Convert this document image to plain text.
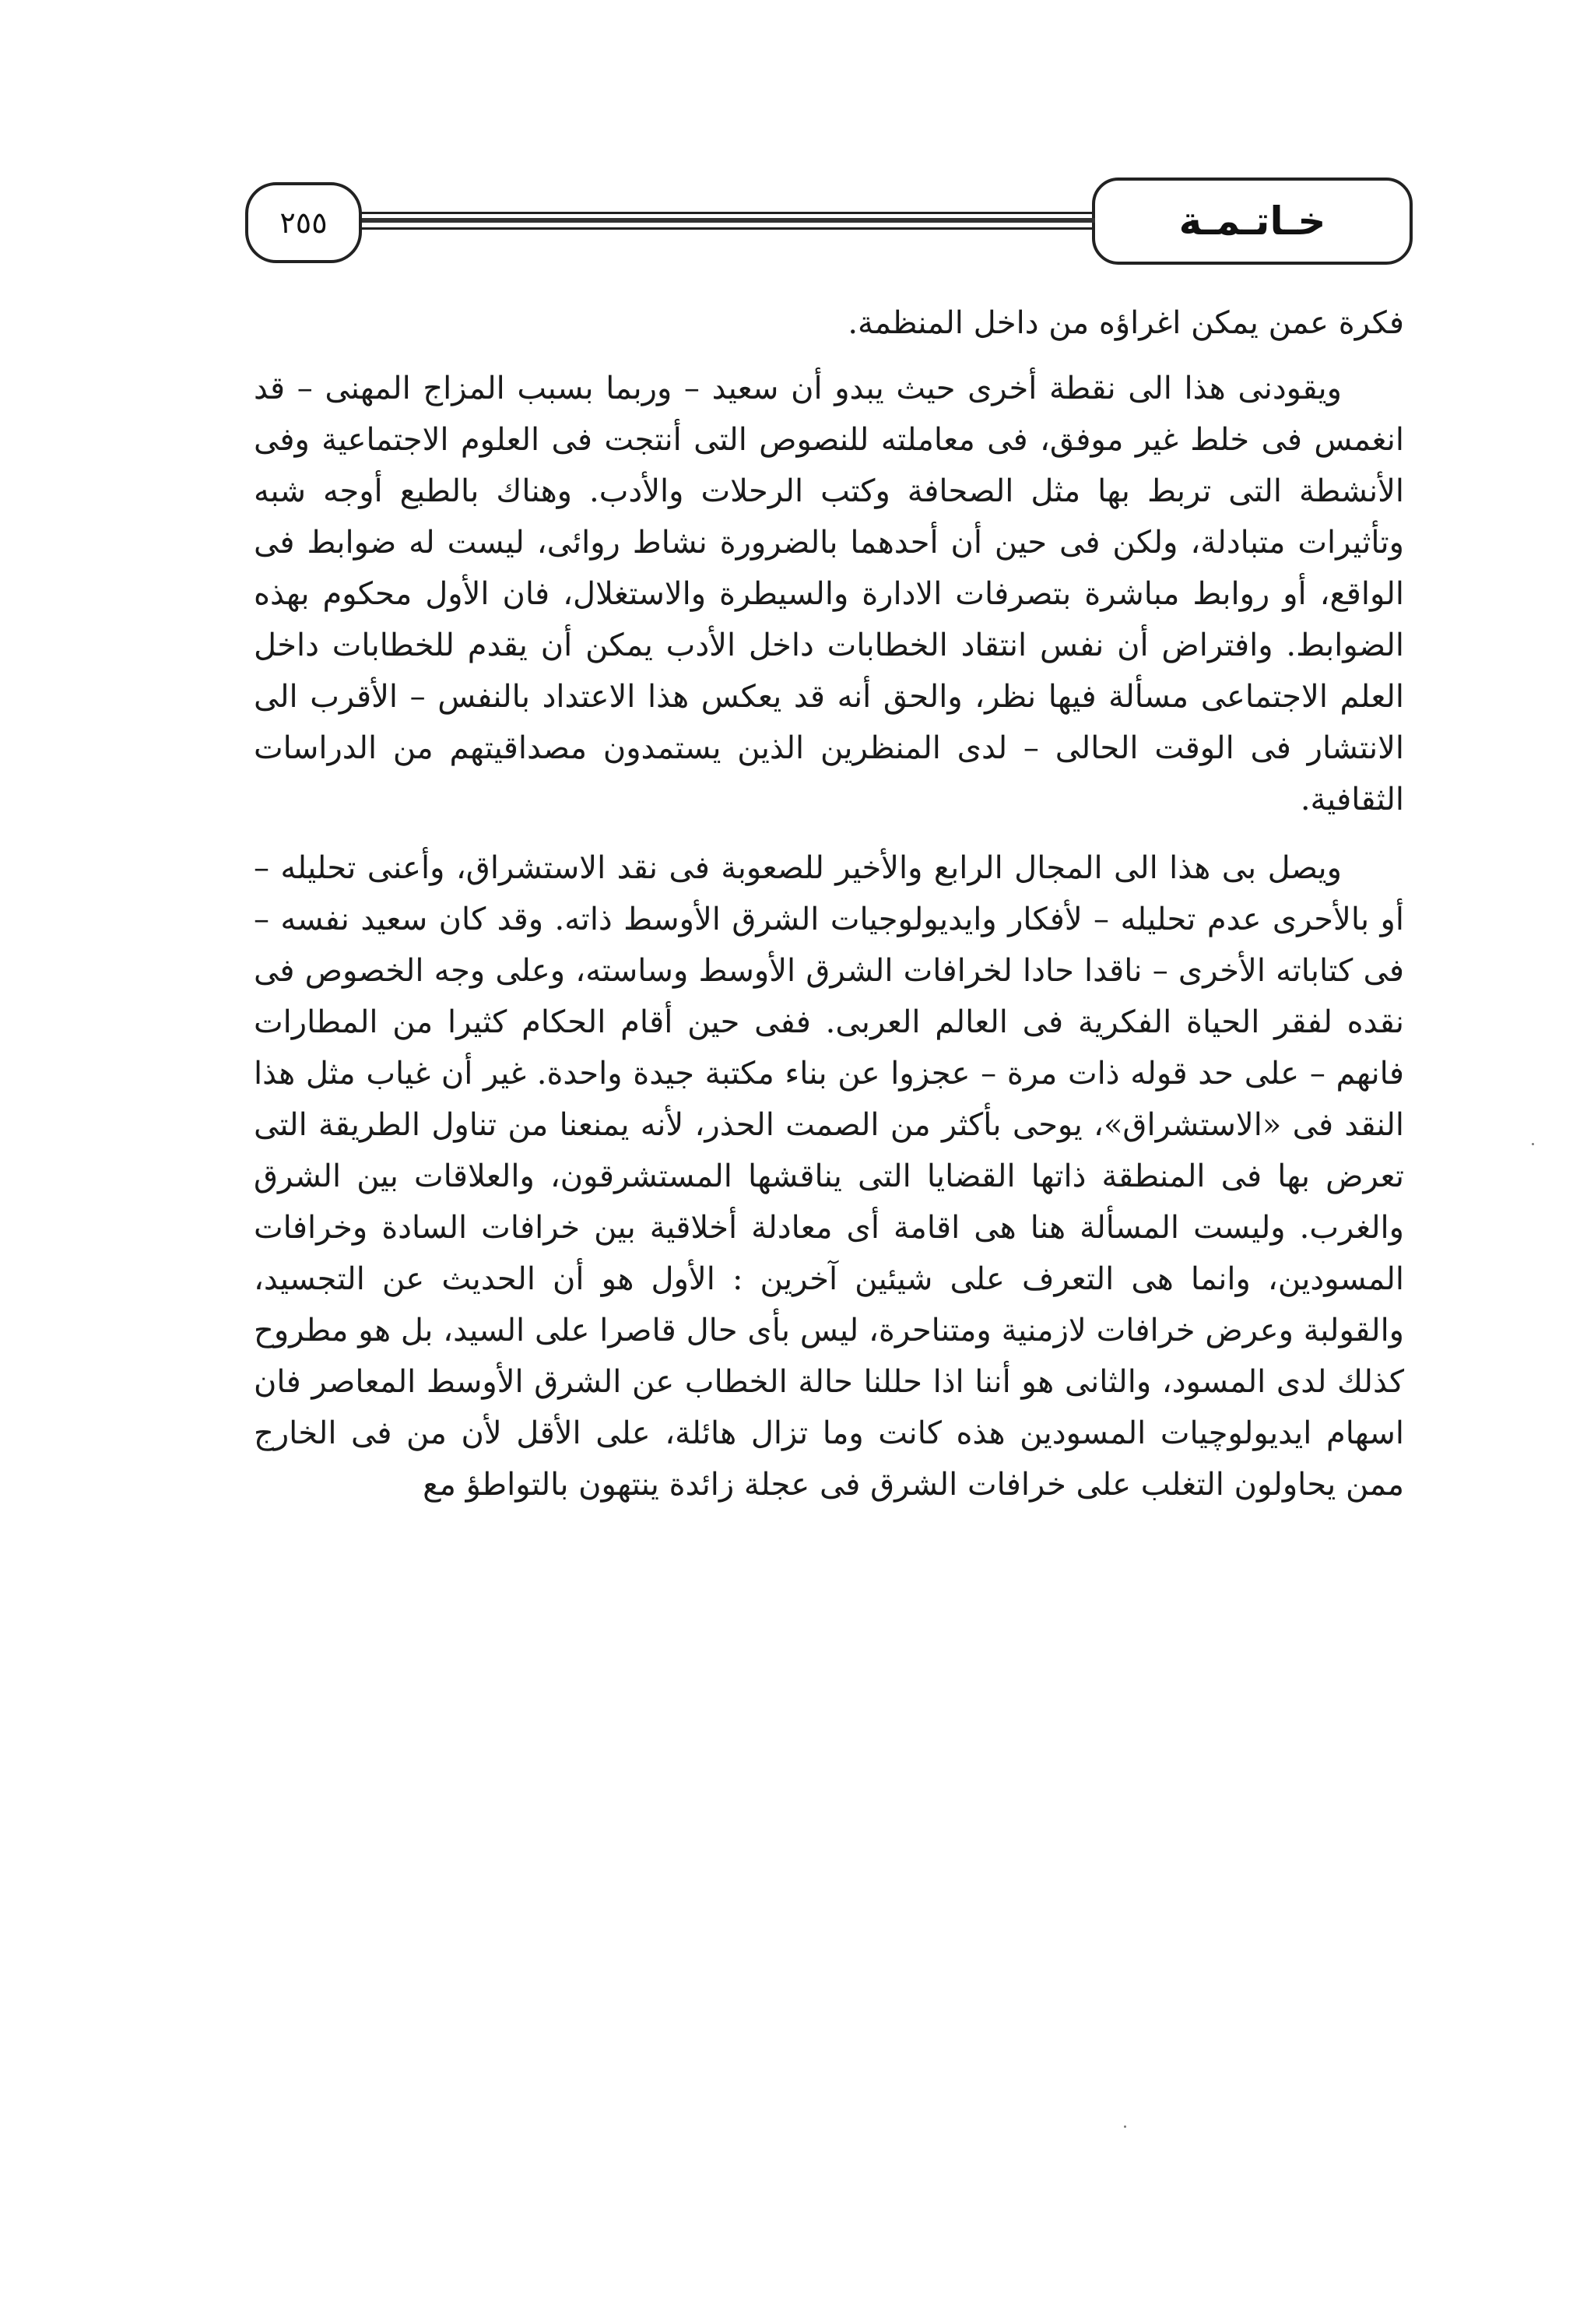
خـاتـمـة
٢٥٥

فكرة عمن يمكن اغراؤه من داخل المنظمة.

ويقودنى هذا الى نقطة أخرى حيث يبدو أن سعيد – وربما بسبب المزاج المهنى – قد انغمس فى خلط غير موفق، فى معاملته للنصوص التى أنتجت فى العلوم الاجتماعية وفى الأنشطة التى تربط بها مثل الصحافة وكتب الرحلات والأدب. وهناك بالطبع أوجه شبه وتأثيرات متبادلة، ولكن فى حين أن أحدهما بالضرورة نشاط روائى، ليست له ضوابط فى الواقع، أو روابط مباشرة بتصرفات الادارة والسيطرة والاستغلال، فان الأول محكوم بهذه الضوابط. وافتراض أن نفس انتقاد الخطابات داخل الأدب يمكن أن يقدم للخطابات داخل العلم الاجتماعى مسألة فيها نظر، والحق أنه قد يعكس هذا الاعتداد بالنفس – الأقرب الى الانتشار فى الوقت الحالى – لدى المنظرين الذين يستمدون مصداقيتهم من الدراسات الثقافية.

ويصل بى هذا الى المجال الرابع والأخير للصعوبة فى نقد الاستشراق، وأعنى تحليله – أو بالأحرى عدم تحليله – لأفكار وايديولوجيات الشرق الأوسط ذاته. وقد كان سعيد نفسه – فى كتاباته الأخرى – ناقدا حادا لخرافات الشرق الأوسط وساسته، وعلى وجه الخصوص فى نقده لفقر الحياة الفكرية فى العالم العربى. ففى حين أقام الحكام كثيرا من المطارات فانهم – على حد قوله ذات مرة – عجزوا عن بناء مكتبة جيدة واحدة. غير أن غياب مثل هذا النقد فى «الاستشراق»، يوحى بأكثر من الصمت الحذر، لأنه يمنعنا من تناول الطريقة التى تعرض بها فى المنطقة ذاتها القضايا التى يناقشها المستشرقون، والعلاقات بين الشرق والغرب. وليست المسألة هنا هى اقامة أى معادلة أخلاقية بين خرافات السادة وخرافات المسودين، وانما هى التعرف على شيئين آخرين : الأول هو أن الحديث عن التجسيد، والقولبة وعرض خرافات لازمنية ومتناحرة، ليس بأى حال قاصرا على السيد، بل هو مطروح كذلك لدى المسود، والثانى هو أننا اذا حللنا حالة الخطاب عن الشرق الأوسط المعاصر فان اسهام ايديولوچيات المسودين هذه كانت وما تزال هائلة، على الأقل لأن من فى الخارج ممن يحاولون التغلب على خرافات الشرق فى عجلة زائدة ينتهون بالتواطؤ مع
